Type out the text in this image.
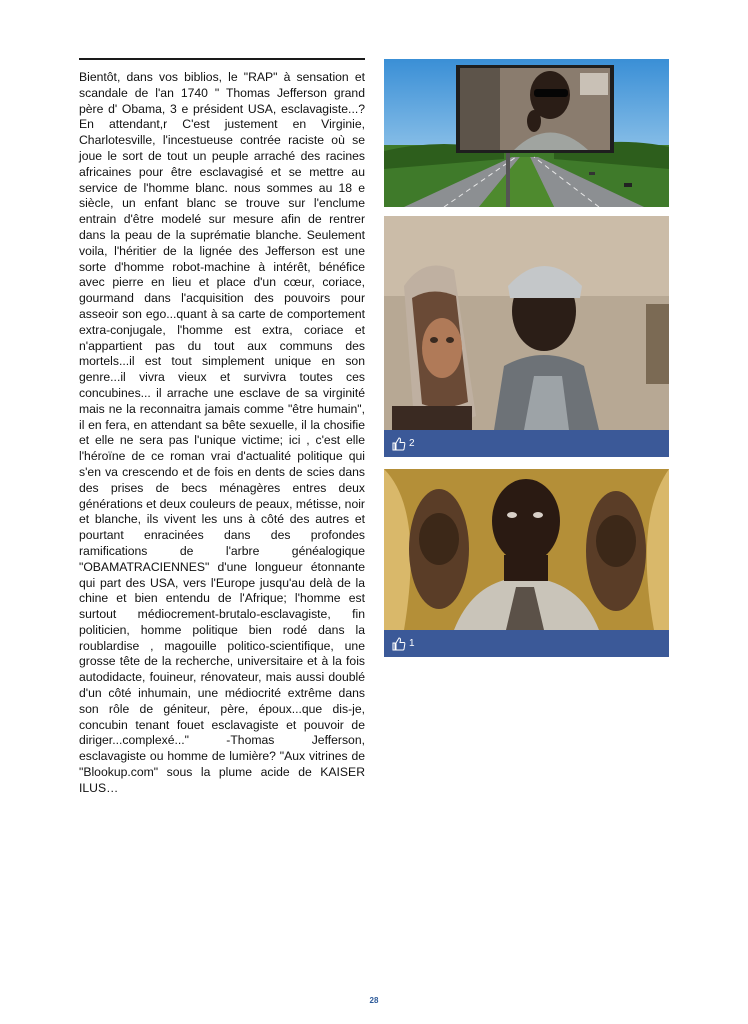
Bientôt, dans vos biblios, le "RAP" à sensation et scandale de l'an 1740 " Thomas Jefferson grand père d' Obama, 3 e président USA, esclavagiste...? En attendant,r C'est justement en Virginie, Charlotesville, l'incestueuse contrée raciste où se joue le sort de tout un peuple arraché des racines africaines pour être esclavagisé et se mettre au service de l'homme blanc. nous sommes au 18 e siècle, un enfant blanc se trouve sur l'enclume entrain d'être modelé sur mesure afin de rentrer dans la peau de la suprématie blanche. Seulement voila, l'héritier de la lignée des Jefferson est une sorte d'homme robot-machine à intérêt, bénéfice avec pierre en lieu et place d'un cœur, coriace, gourmand dans l'acquisition des pouvoirs pour asseoir son ego...quant à sa carte de comportement extra-conjugale, l'homme est extra, coriace et n'appartient pas du tout aux communs des mortels...il est tout simplement unique en son genre...il vivra vieux et survivra toutes ces concubines... il arrache une esclave de sa virginité mais ne la reconnaitra jamais comme "être humain", il en fera, en attendant sa bête sexuelle, il la chosifie et elle ne sera pas l'unique victime; ici , c'est elle l'héroïne de ce roman vrai d'actualité politique qui s'en va crescendo et de fois en dents de scies dans des prises de becs ménagères entres deux générations et deux couleurs de peaux, métisse, noir et blanche, ils vivent les uns à côté des autres et pourtant enracinées dans des profondes ramifications de l'arbre généalogique "OBAMATRACIENNES" d'une longueur étonnante qui part des USA, vers l'Europe jusqu'au delà de la chine et bien entendu de l'Afrique; l'homme est surtout médiocrement-brutalo-esclavagiste, fin politicien, homme politique bien rodé dans la roublardise , magouille politico-scientifique, une grosse tête de la recherche, universitaire et à la fois autodidacte, fouineur, rénovateur, mais aussi doublé d'un côté inhumain, une médiocrité extrême dans son rôle de géniteur, père, époux...que dis-je, concubin tenant fouet esclavagiste et pouvoir de diriger...complexé..." -Thomas Jefferson, esclavagiste ou homme de lumière? "Aux vitrines de "Blookup.com" sous la plume acide de KAISER ILUS…

2
1
28
